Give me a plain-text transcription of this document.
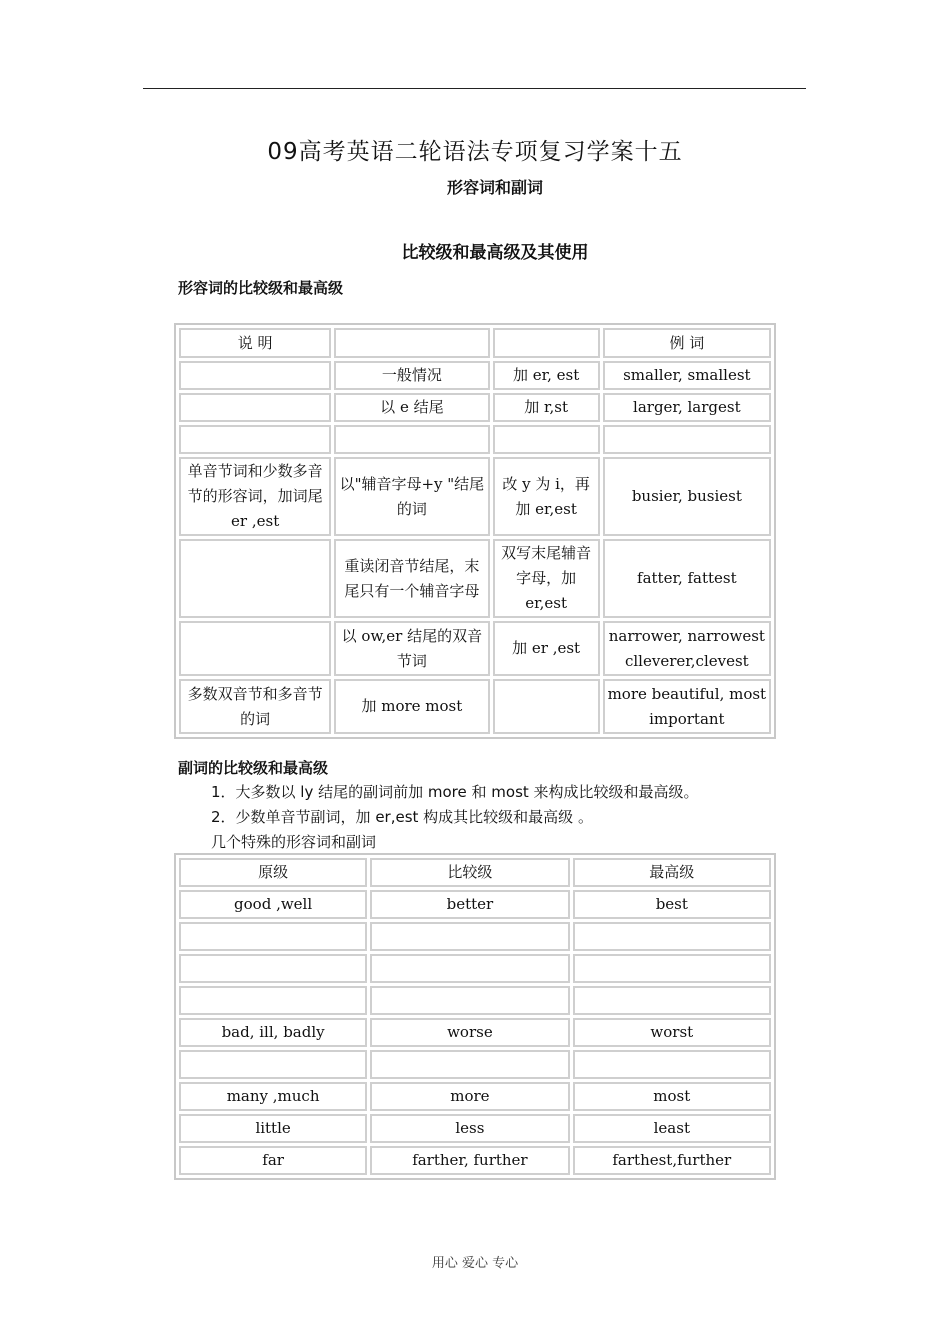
09高考英语二轮语法专项复习学案十五
形容词和副词
比较级和最高级及其使用
形容词的比较级和最高级
说 明			例 词
	一般情况	加 er, est	smaller, smallest
	以 e 结尾	加 r,st	larger, largest

单音节词和少数多音节的形容词，加词尾 er ,est	以"辅音字母+y "结尾的词	改 y 为 i，再加 er,est	busier, busiest
	重读闭音节结尾，末尾只有一个辅音字母	双写末尾辅音字母，加 er,est	fatter, fattest
	以 ow,er 结尾的双音节词	加 er ,est	narrower, narrowest clleverer,clevest
多数双音节和多音节的词	加 more most		more beautiful, most important
副词的比较级和最高级
1．大多数以 ly 结尾的副词前加 more 和 most 来构成比较级和最高级。
2．少数单音节副词，加 er,est 构成其比较级和最高级 。
几个特殊的形容词和副词
原级	比较级	最高级
good ,well	better	best

bad, ill, badly	worse	worst

many ,much	more	most
little	less	least
far	farther, further	farthest,further
用心 爱心 专心
